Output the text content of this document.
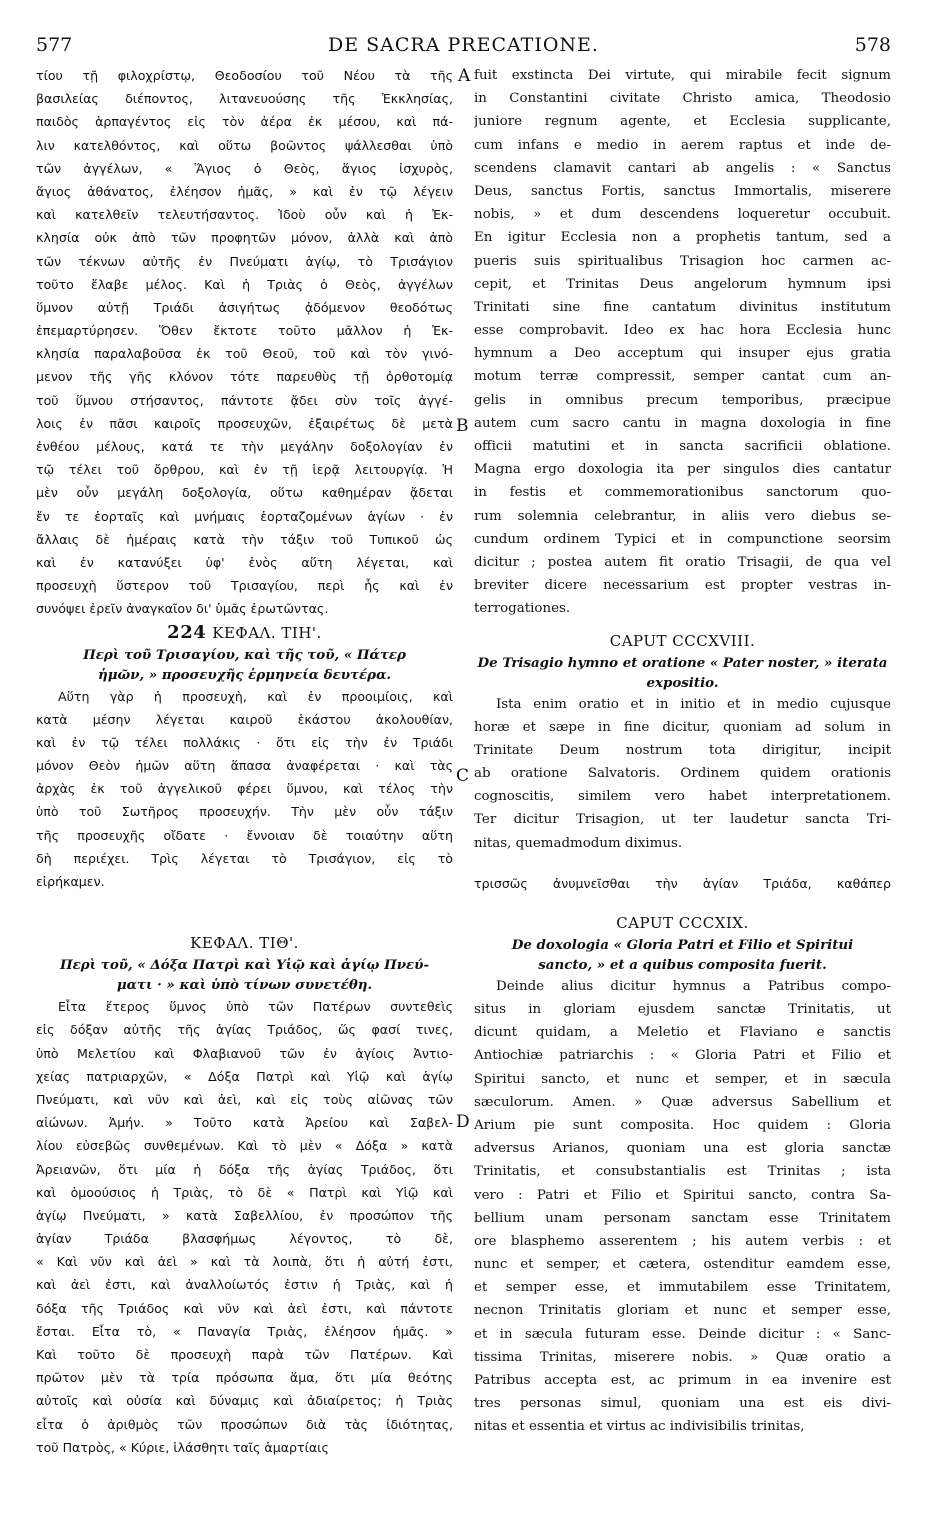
DE SACRA PRECATIONE.
577	578
A
B
C
D
τίου τῇ φιλοχρίστῳ, Θεοδοσίου τοῦ Νέου τὰ τῆς
βασιλείας διέποντος, λιτανευούσης τῆς Ἐκκλησίας,
παιδὸς ἁρπαγέντος εἰς τὸν ἀέρα ἐκ μέσου, καὶ πά-
λιν κατελθόντος, καὶ οὕτω βοῶντος ψάλλεσθαι ὑπὸ
τῶν ἀγγέλων, « Ἅγιος ὁ Θεὸς, ἅγιος ἰσχυρὸς,
ἅγιος ἀθάνατος, ἐλέησον ἡμᾶς, » καὶ ἐν τῷ λέγειν
καὶ κατελθεῖν τελευτήσαντος. Ἰδοὺ οὖν καὶ ἡ Ἐκ-
κλησία οὐκ ἀπὸ τῶν προφητῶν μόνον, ἀλλὰ καὶ ἀπὸ
τῶν τέκνων αὐτῆς ἐν Πνεύματι ἁγίῳ, τὸ Τρισάγιον
τοῦτο ἔλαβε μέλος. Καὶ ἡ Τριὰς ὁ Θεὸς, ἀγγέλων
ὕμνον αὐτῇ Τριάδι ἀσιγήτως ᾀδόμενον θεοδότως
ἐπεμαρτύρησεν. Ὅθεν ἔκτοτε τοῦτο μᾶλλον ἡ Ἐκ-
κλησία παραλαβοῦσα ἐκ τοῦ Θεοῦ, τοῦ καὶ τὸν γινό-
μενον τῆς γῆς κλόνον τότε παρευθὺς τῇ ὀρθοτομίᾳ
τοῦ ὕμνου στήσαντος, πάντοτε ᾄδει σὺν τοῖς ἀγγέ-
λοις ἐν πᾶσι καιροῖς προσευχῶν, ἐξαιρέτως δὲ μετὰ
ἐνθέου μέλους, κατά τε τὴν μεγάλην δοξολογίαν ἐν
τῷ τέλει τοῦ ὄρθρου, καὶ ἐν τῇ ἱερᾷ λειτουργίᾳ. Ἡ
μὲν οὖν μεγάλη δοξολογία, οὕτω καθημέραν ᾄδεται
ἔν τε ἑορταῖς καὶ μνήμαις ἑορταζομένων ἁγίων · ἐν
ἄλλαις δὲ ἡμέραις κατὰ τὴν τάξιν τοῦ Τυπικοῦ ὡς
καὶ ἐν κατανύξει ὑφ' ἑνὸς αὕτη λέγεται, καὶ
προσευχὴ ὕστερον τοῦ Τρισαγίου, περὶ ἧς καὶ ἐν
συνόψει ἐρεῖν ἀναγκαῖον δι' ὑμᾶς ἐρωτῶντας.
224 ΚΕΦΑΛ. ΤΙΗ'.
Περὶ τοῦ Τρισαγίου, καὶ τῆς τοῦ, « Πάτερ
ἡμῶν, » προσευχῆς ἑρμηνεία δευτέρα.
Αὕτη γὰρ ἡ προσευχὴ, καὶ ἐν προοιμίοις, καὶ
κατὰ μέσην λέγεται καιροῦ ἑκάστου ἀκολουθίαν,
καὶ ἐν τῷ τέλει πολλάκις · ὅτι εἰς τὴν ἐν Τριάδι
μόνον Θεὸν ἡμῶν αὕτη ἅπασα ἀναφέρεται · καὶ τὰς
ἀρχὰς ἐκ τοῦ ἀγγελικοῦ φέρει ὕμνου, καὶ τέλος τὴν
ὑπὸ τοῦ Σωτῆρος προσευχήν. Τὴν μὲν οὖν τάξιν
τῆς προσευχῆς οἴδατε · ἔννοιαν δὲ τοιαύτην αὕτη
δὴ περιέχει. Τρὶς λέγεται τὸ Τρισάγιον, εἰς τὸ
εἰρήκαμεν.
ΚΕΦΑΛ. ΤΙΘ'.
Περὶ τοῦ, « Δόξα Πατρὶ καὶ Υἱῷ καὶ ἁγίῳ Πνεύ-
ματι · » καὶ ὑπὸ τίνων συνετέθη.
Εἶτα ἕτερος ὕμνος ὑπὸ τῶν Πατέρων συντεθεὶς
εἰς δόξαν αὐτῆς τῆς ἁγίας Τριάδος, ὥς φασί τινες,
ὑπὸ Μελετίου καὶ Φλαβιανοῦ τῶν ἐν ἁγίοις Ἀντιο-
χείας πατριαρχῶν, « Δόξα Πατρὶ καὶ Υἱῷ καὶ ἁγίῳ
Πνεύματι, καὶ νῦν καὶ ἀεὶ, καὶ εἰς τοὺς αἰῶνας τῶν
αἰώνων. Ἀμήν. » Τοῦτο κατὰ Ἀρείου καὶ Σαβελ-
λίου εὐσεβῶς συνθεμένων. Καὶ τὸ μὲν « Δόξα » κατὰ
Ἀρειανῶν, ὅτι μία ἡ δόξα τῆς ἁγίας Τριάδος, ὅτι
καὶ ὁμοούσιος ἡ Τριὰς, τὸ δὲ « Πατρὶ καὶ Υἱῷ καὶ
ἁγίῳ Πνεύματι, » κατὰ Σαβελλίου, ἐν προσώπον τῆς
ἁγίαν Τριάδα βλασφήμως λέγοντος, τὸ δὲ,
« Καὶ νῦν καὶ ἀεὶ » καὶ τὰ λοιπὰ, ὅτι ἡ αὐτή ἐστι,
καὶ ἀεὶ ἐστι, καὶ ἀναλλοίωτός ἐστιν ἡ Τριὰς, καὶ ἡ
δόξα τῆς Τριάδος καὶ νῦν καὶ ἀεὶ ἐστι, καὶ πάντοτε
ἔσται. Εἶτα τὸ, « Παναγία Τριὰς, ἐλέησον ἡμᾶς. »
Καὶ τοῦτο δὲ προσευχὴ παρὰ τῶν Πατέρων. Καὶ
πρῶτον μὲν τὰ τρία πρόσωπα ἅμα, ὅτι μία θεότης
αὐτοῖς καὶ οὐσία καὶ δύναμις καὶ ἀδιαίρετος; ἡ Τριὰς
εἶτα ὁ ἀριθμὸς τῶν προσώπων διὰ τὰς ἰδιότητας,
τοῦ Πατρὸς, « Κύριε, ἱλάσθητι ταῖς ἁμαρτίαις
fuit exstincta Dei virtute, qui mirabile fecit signum
in Constantini civitate Christo amica, Theodosio
juniore regnum agente, et Ecclesia supplicante,
cum infans e medio in aerem raptus et inde de-
scendens clamavit cantari ab angelis : « Sanctus
Deus, sanctus Fortis, sanctus Immortalis, miserere
nobis, » et dum descendens loqueretur occubuit.
En igitur Ecclesia non a prophetis tantum, sed a
pueris suis spiritualibus Trisagion hoc carmen ac-
cepit, et Trinitas Deus angelorum hymnum ipsi
Trinitati sine fine cantatum divinitus institutum
esse comprobavit. Ideo ex hac hora Ecclesia hunc
hymnum a Deo acceptum qui insuper ejus gratia
motum terræ compressit, semper cantat cum an-
gelis in omnibus precum temporibus, præcipue
autem cum sacro cantu in magna doxologia in fine
officii matutini et in sancta sacrificii oblatione.
Magna ergo doxologia ita per singulos dies cantatur
in festis et commemorationibus sanctorum quo-
rum solemnia celebrantur, in aliis vero diebus se-
cundum ordinem Typici et in compunctione seorsim
dicitur ; postea autem fit oratio Trisagii, de qua vel
breviter dicere necessarium est propter vestras in-
terrogationes.
CAPUT CCCXVIII.
De Trisagio hymno et oratione « Pater noster, » iterata
expositio.
Ista enim oratio et in initio et in medio cujusque
horæ et sæpe in fine dicitur, quoniam ad solum in
Trinitate Deum nostrum tota dirigitur, incipit
ab oratione Salvatoris. Ordinem quidem orationis
cognoscitis, similem vero habet interpretationem.
Ter dicitur Trisagion, ut ter laudetur sancta Tri-
nitas, quemadmodum diximus.
CAPUT CCCXIX.
De doxologia « Gloria Patri et Filio et Spiritui
sancto, » et a quibus composita fuerit.
Deinde alius dicitur hymnus a Patribus compo-
situs in gloriam ejusdem sanctæ Trinitatis, ut
dicunt quidam, a Meletio et Flaviano e sanctis
Antiochiæ patriarchis : « Gloria Patri et Filio et
Spiritui sancto, et nunc et semper, et in sæcula
sæculorum. Amen. » Quæ adversus Sabellium et
Arium pie sunt composita. Hoc quidem : Gloria
adversus Arianos, quoniam una est gloria sanctæ
Trinitatis, et consubstantialis est Trinitas ; ista
vero : Patri et Filio et Spiritui sancto, contra Sa-
bellium unam personam sanctam esse Trinitatem
ore blasphemo asserentem ; his autem verbis : et
nunc et semper, et cætera, ostenditur eamdem esse,
et semper esse, et immutabilem esse Trinitatem,
necnon Trinitatis gloriam et nunc et semper esse,
et in sæcula futuram esse. Deinde dicitur : « Sanc-
tissima Trinitas, miserere nobis. » Quæ oratio a
Patribus accepta est, ac primum in ea invenire est
tres personas simul, quoniam una est eis divi-
nitas et essentia et virtus ac indivisibilis trinitas,
τρισσῶς ἀνυμνεῖσθαι τὴν ἁγίαν Τριάδα, καθάπερ
